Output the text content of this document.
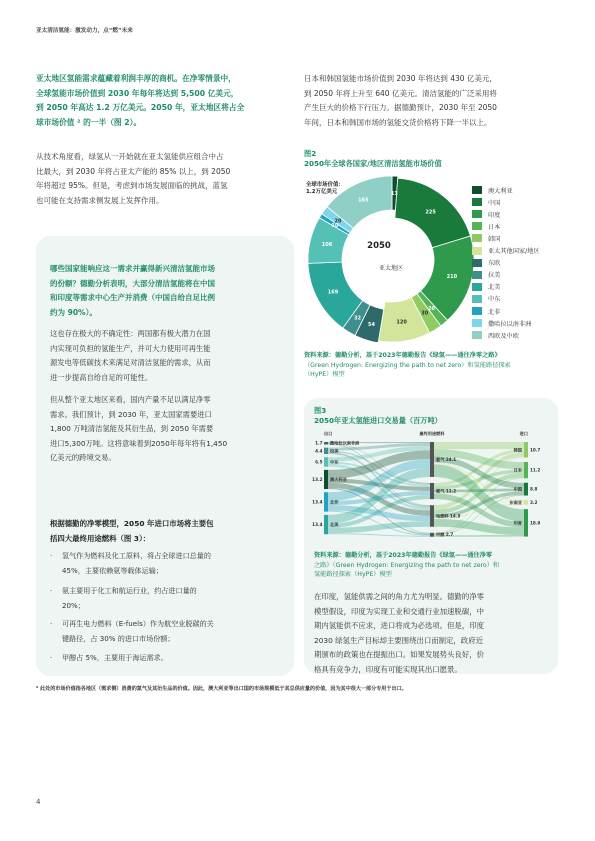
亚太清洁氢能：激发动力，点“燃”未来
亚太地区氢能需求蕴藏着利润丰厚的商机。在净零情景中，
全球氢能市场价值到 2030 年每年将达到 5,500 亿美元，
到 2050 年高达 1.2 万亿美元。2050 年，亚太地区将占全
球市场价值 ² 的一半（图 2）。
从技术角度看，绿氢从一开始就在亚太氢能供应组合中占
比最大，到 2030 年将占亚太产能的 85% 以上，到 2050
年将超过 95%。但是，考虑到市场发展面临的挑战，蓝氢
也可能在支持需求侧发展上发挥作用。
日本和韩国氢能市场价值到 2030 年将达到 430 亿美元，
到 2050 年将上升至 640 亿美元。清洁氢能的广泛采用将
产生巨大的价格下行压力。据德勤预计，2030 年至 2050
年间，日本和韩国市场的氢能交货价格将下降一半以上。
哪些国家能响应这一需求并赢得新兴清洁氢能市场
的份额？德勤分析表明，大部分清洁氢能将在中国
和印度等需求中心生产并消费（中国自给自足比例
约为 90%）。
这也存在极大的不确定性：两国都有极大潜力在国
内实现可负担的氢能生产，并可大力使用可再生能
源发电等低碳技术来满足对清洁氢能的需求，从而
进一步提高自给自足的可能性。
但从整个亚太地区来看，国内产量不足以满足净零
需求。我们预计，到 2030 年，亚太国家需要进口
1,800 万吨清洁氢能及其衍生品，到 2050 年需要
进口5,300万吨。这将意味着到2050年每年将有1,450
亿美元的跨境交易。
根据德勤的净零模型，2050 年进口市场将主要包
括四大最终用途燃料（图 3）：
·	氢气作为燃料及化工原料，将占全球进口总量的
45%，主要依赖氨等载体运输；
·	氨主要用于化工和航运行业，约占进口量的
20%；
·	可再生电力燃料（E-fuels）作为航空业脱碳的关
键路径，占 30% 的进口市场份额；
·	甲醇占 5%，主要用于海运需求。
图2
2050年全球各国家/地区清洁氢能市场价值
13
225
210
20
30
120
54
32
169
106
10
20
165
全球市场价值：
1.2万亿美元
2050
亚太地区
澳大利亚
中国
印度
日本
韩国
亚太其他国家/地区
东欧
拉美
北美
中东
北非
撒哈拉以南非洲
西欧及中欧
资料来源：德勤分析，基于2023年德勤报告《绿氢——通往净零之路》
（Green Hydrogen: Energizing the path to net zero）和氢能路径探索
（HyPE）模型
图3
2050年亚太氢能进口交易量（百万吨）
出口	最终用途燃料	进口
1.7 撒哈拉以南非洲
4.4 拉美
6.5 中东
13.2 澳大利亚
13.4 北非
13.4 北美
氢气 24.1
氨气 11.2
电燃料 14.9
甲醇 2.7
韩国 10.7
日本 11.2
中国 8.8
东南亚 3.2
印度 18.9
资料来源：德勤分析，基于2023年德勤报告《绿氢——通往净零
之路》（Green Hydrogen: Energizing the path to net zero）和
氢能路径探索（HyPE）模型
在印度，氢能供需之间的角力尤为明显。德勤的净零
模型假设，印度为实现工业和交通行业加速脱碳，中
期内氢能供不应求，进口将成为必选项。但是，印度
2030 绿氢生产目标却主要围绕出口而制定，政府近
期颁布的政策也在提振出口。如果发展势头良好，价
格具有竞争力，印度有可能实现其出口愿景。
² 此处的市场价值指各地区（需求侧）消费的氢气及其衍生品的价值。因此，澳大利亚等出口国的市场规模低于其总供应量的价值，因为其中很大一部分专用于出口。
4
